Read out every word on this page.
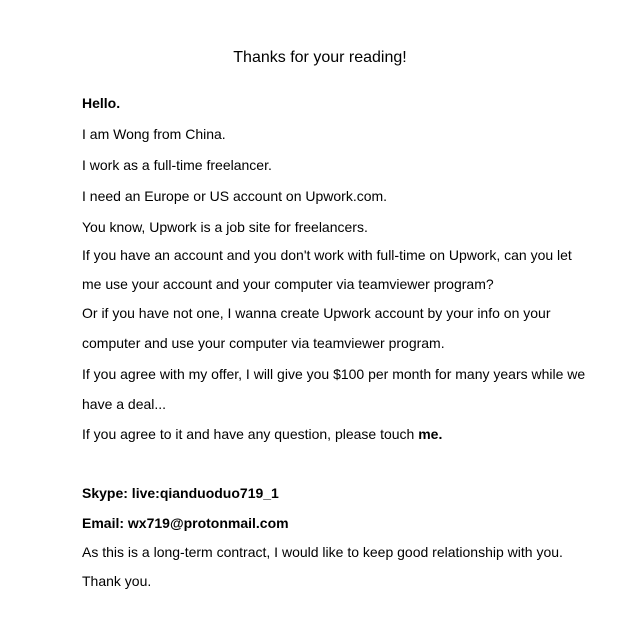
Thanks for your reading!

Hello.

I am Wong from China.

I work as a full-time freelancer.

I need an Europe or US account on Upwork.com.

You know, Upwork is a job site for freelancers.

If you have an account and you don't work with full-time on Upwork, can you let

me use your account and your computer via teamviewer program?

Or if you have not one, I wanna create Upwork account by your info on your

computer and use your computer via teamviewer program.

If you agree with my offer, I will give you $100 per month for many years while we

have a deal...

If you agree to it and have any question, please touch me.

Skype: live:qianduoduo719_1

Email: wx719@protonmail.com

As this is a long-term contract, I would like to keep good relationship with you.

Thank you.
